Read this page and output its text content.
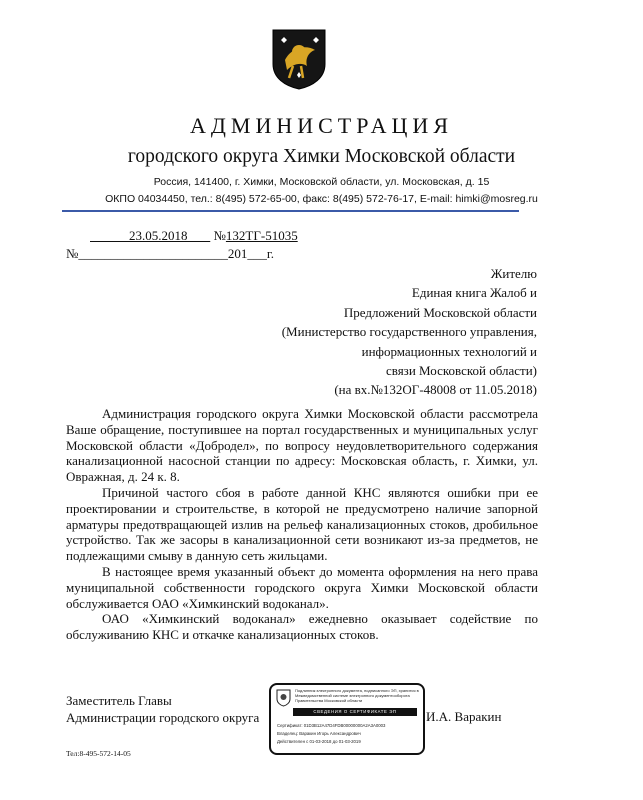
АДМИНИСТРАЦИЯ
городского округа Химки Московской области
Россия, 141400, г. Химки, Московской области, ул. Московская, д. 15
ОКПО 04034450, тел.: 8(495) 572-65-00, факс: 8(495) 572-76-17, E-mail: himki@mosreg.ru
23.05.2018 №132ТГ-51035
№_______________________201___г.
Жителю
Единая книга Жалоб и
Предложений Московской области
(Министерство государственного управления,
информационных технологий и
связи Московской области)
(на вх.№132ОГ-48008 от 11.05.2018)

Администрация городского округа Химки Московской области рассмотрела Ваше обращение, поступившее на портал государственных и муниципальных услуг Московской области «Добродел», по вопросу неудовлетворительного содержания канализационной насосной станции по адресу: Московская область, г. Химки, ул. Овражная, д. 24 к. 8.

Причиной частого сбоя в работе данной КНС являются ошибки при ее проектировании и строительстве, в которой не предусмотрено наличие запорной арматуры предотвращающей излив на рельеф канализационных стоков, дробильное устройство. Так же засоры в канализационной сети возникают из-за предметов, не подлежащими смыву в данную сеть жильцами.

В настоящее время указанный объект до момента оформления на него права муниципальной собственности городского округа Химки Московской области обслуживается ОАО «Химкинский водоканал».

ОАО «Химкинский водоканал» ежедневно оказывает содействие по обслуживанию КНС и откачке канализационных стоков.

Заместитель Главы
Администрации городского округа	И.А. Варакин
Подлинник электронного документа, подписанного ЭП, хранится в Межведомственной системе электронного документооборота Правительства Московской области
СВЕДЕНИЯ О СЕРТИФИКАТЕ ЭП
Сертификат: 01D3B12A47D4FDB00000000A2A3A0003
Владелец: Варакин Игорь Александрович
Действителен с 01-03-2018 до 01-03-2019
Тел:8-495-572-14-05
